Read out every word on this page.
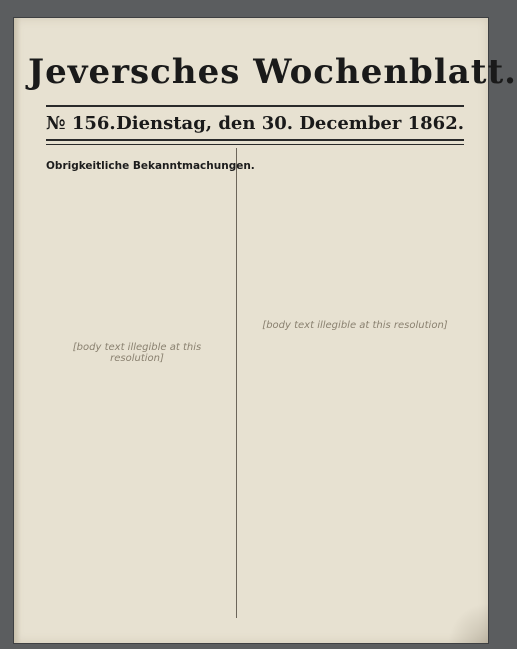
Jeversches Wochenblatt.
№ 156. Dienstag, den 30. December 1862.
Obrigkeitliche Bekanntmachungen.
[body text illegible at this resolution]
[body text illegible at this resolution]
